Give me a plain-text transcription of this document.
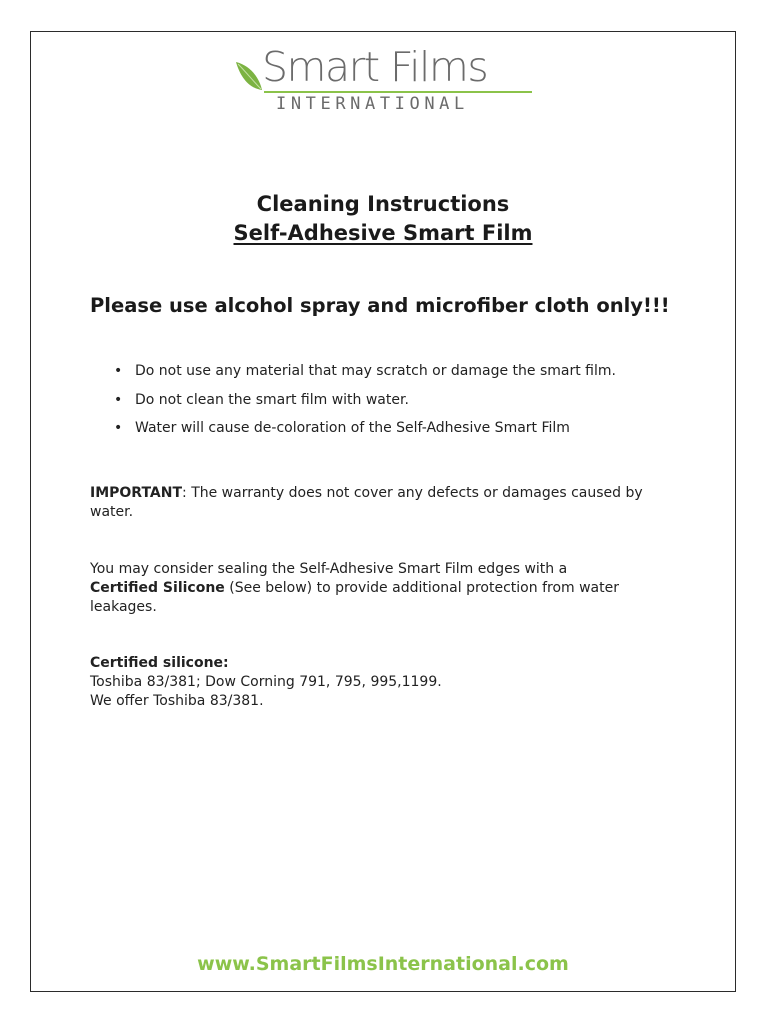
Smart Films
INTERNATIONAL
Cleaning Instructions
Self-Adhesive Smart Film
Please use alcohol spray and microfiber cloth only!!!
• Do not use any material that may scratch or damage the smart film.
• Do not clean the smart film with water.
• Water will cause de-coloration of the Self-Adhesive Smart Film
IMPORTANT: The warranty does not cover any defects or damages caused by water.
You may consider sealing the Self-Adhesive Smart Film edges with a
Certified Silicone (See below) to provide additional protection from water leakages.
Certified silicone:
Toshiba 83/381; Dow Corning 791, 795, 995,1199.
We offer Toshiba 83/381.
www.SmartFilmsInternational.com
